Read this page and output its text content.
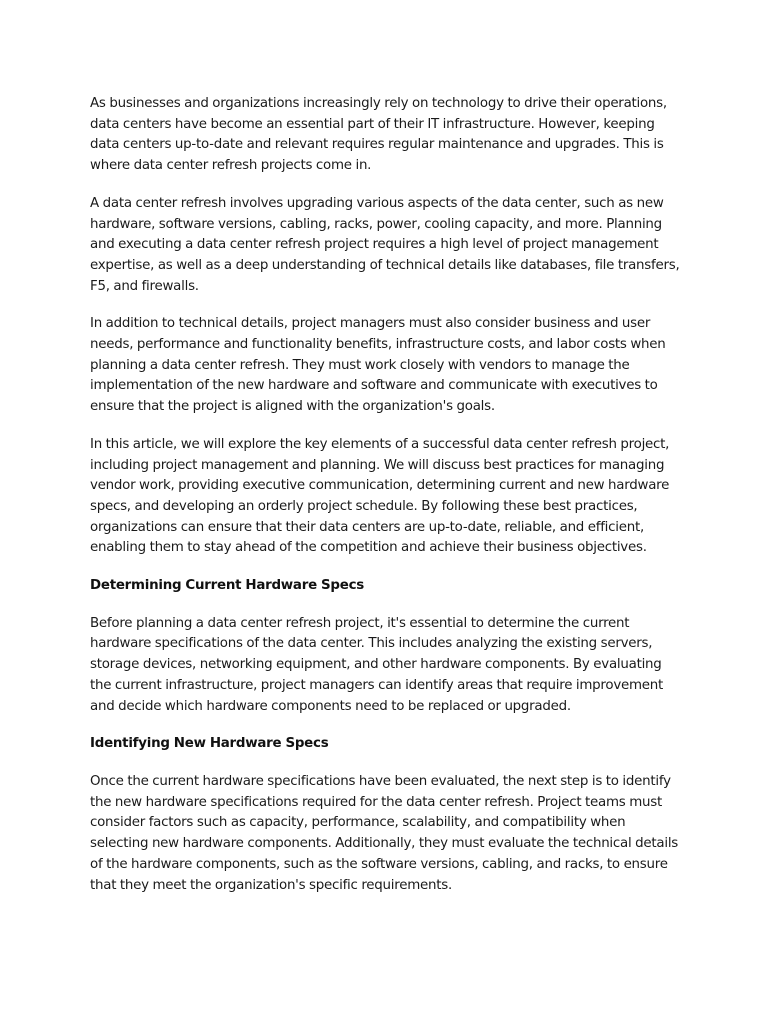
As businesses and organizations increasingly rely on technology to drive their operations, data centers have become an essential part of their IT infrastructure. However, keeping data centers up-to-date and relevant requires regular maintenance and upgrades. This is where data center refresh projects come in.

A data center refresh involves upgrading various aspects of the data center, such as new hardware, software versions, cabling, racks, power, cooling capacity, and more. Planning and executing a data center refresh project requires a high level of project management expertise, as well as a deep understanding of technical details like databases, file transfers, F5, and firewalls.

In addition to technical details, project managers must also consider business and user needs, performance and functionality benefits, infrastructure costs, and labor costs when planning a data center refresh. They must work closely with vendors to manage the implementation of the new hardware and software and communicate with executives to ensure that the project is aligned with the organization's goals.

In this article, we will explore the key elements of a successful data center refresh project, including project management and planning. We will discuss best practices for managing vendor work, providing executive communication, determining current and new hardware specs, and developing an orderly project schedule. By following these best practices, organizations can ensure that their data centers are up-to-date, reliable, and efficient, enabling them to stay ahead of the competition and achieve their business objectives.

Determining Current Hardware Specs

Before planning a data center refresh project, it's essential to determine the current hardware specifications of the data center. This includes analyzing the existing servers, storage devices, networking equipment, and other hardware components. By evaluating the current infrastructure, project managers can identify areas that require improvement and decide which hardware components need to be replaced or upgraded.

Identifying New Hardware Specs

Once the current hardware specifications have been evaluated, the next step is to identify the new hardware specifications required for the data center refresh. Project teams must consider factors such as capacity, performance, scalability, and compatibility when selecting new hardware components. Additionally, they must evaluate the technical details of the hardware components, such as the software versions, cabling, and racks, to ensure that they meet the organization's specific requirements.
